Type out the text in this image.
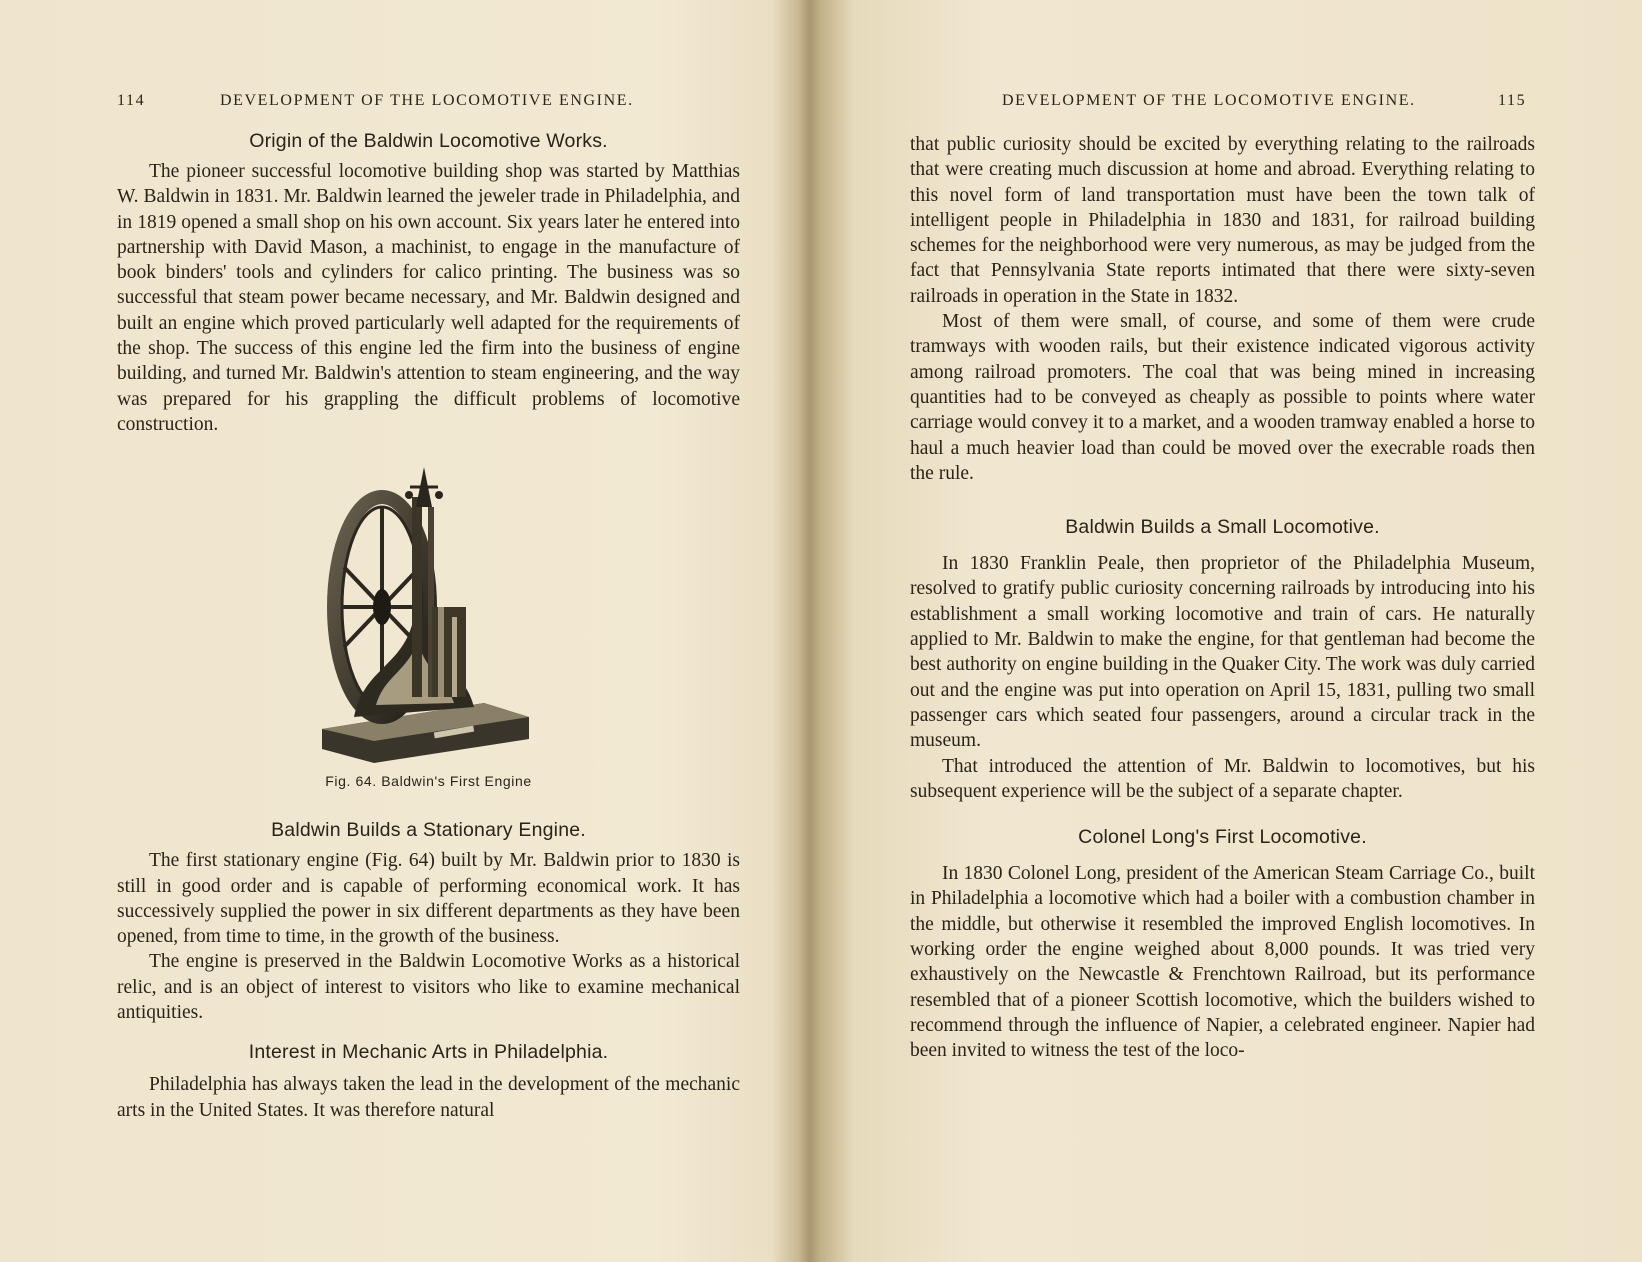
114	DEVELOPMENT OF THE LOCOMOTIVE ENGINE.
Origin of the Baldwin Locomotive Works.

The pioneer successful locomotive building shop was started by Matthias W. Baldwin in 1831. Mr. Baldwin learned the jeweler trade in Philadelphia, and in 1819 opened a small shop on his own account. Six years later he entered into partnership with David Mason, a machinist, to engage in the manufacture of book binders' tools and cylinders for calico printing. The business was so successful that steam power became necessary, and Mr. Baldwin designed and built an engine which proved particularly well adapted for the requirements of the shop. The success of this engine led the firm into the business of engine building, and turned Mr. Baldwin's attention to steam engineering, and the way was prepared for his grappling the difficult problems of locomotive construction.

Fig. 64. Baldwin's First Engine
Baldwin Builds a Stationary Engine.

The first stationary engine (Fig. 64) built by Mr. Baldwin prior to 1830 is still in good order and is capable of performing economical work. It has successively supplied the power in six different departments as they have been opened, from time to time, in the growth of the business.

The engine is preserved in the Baldwin Locomotive Works as a historical relic, and is an object of interest to visitors who like to examine mechanical antiquities.

Interest in Mechanic Arts in Philadelphia.

Philadelphia has always taken the lead in the development of the mechanic arts in the United States. It was therefore natural

DEVELOPMENT OF THE LOCOMOTIVE ENGINE.	115

that public curiosity should be excited by everything relating to the railroads that were creating much discussion at home and abroad. Everything relating to this novel form of land transportation must have been the town talk of intelligent people in Philadelphia in 1830 and 1831, for railroad building schemes for the neighborhood were very numerous, as may be judged from the fact that Pennsylvania State reports intimated that there were sixty-seven railroads in operation in the State in 1832.

Most of them were small, of course, and some of them were crude tramways with wooden rails, but their existence indicated vigorous activity among railroad promoters. The coal that was being mined in increasing quantities had to be conveyed as cheaply as possible to points where water carriage would convey it to a market, and a wooden tramway enabled a horse to haul a much heavier load than could be moved over the execrable roads then the rule.

Baldwin Builds a Small Locomotive.

In 1830 Franklin Peale, then proprietor of the Philadelphia Museum, resolved to gratify public curiosity concerning railroads by introducing into his establishment a small working locomotive and train of cars. He naturally applied to Mr. Baldwin to make the engine, for that gentleman had become the best authority on engine building in the Quaker City. The work was duly carried out and the engine was put into operation on April 15, 1831, pulling two small passenger cars which seated four passengers, around a circular track in the museum.

That introduced the attention of Mr. Baldwin to locomotives, but his subsequent experience will be the subject of a separate chapter.

Colonel Long's First Locomotive.

In 1830 Colonel Long, president of the American Steam Carriage Co., built in Philadelphia a locomotive which had a boiler with a combustion chamber in the middle, but otherwise it resembled the improved English locomotives. In working order the engine weighed about 8,000 pounds. It was tried very exhaustively on the Newcastle & Frenchtown Railroad, but its performance resembled that of a pioneer Scottish locomotive, which the builders wished to recommend through the influence of Napier, a celebrated engineer. Napier had been invited to witness the test of the loco-
